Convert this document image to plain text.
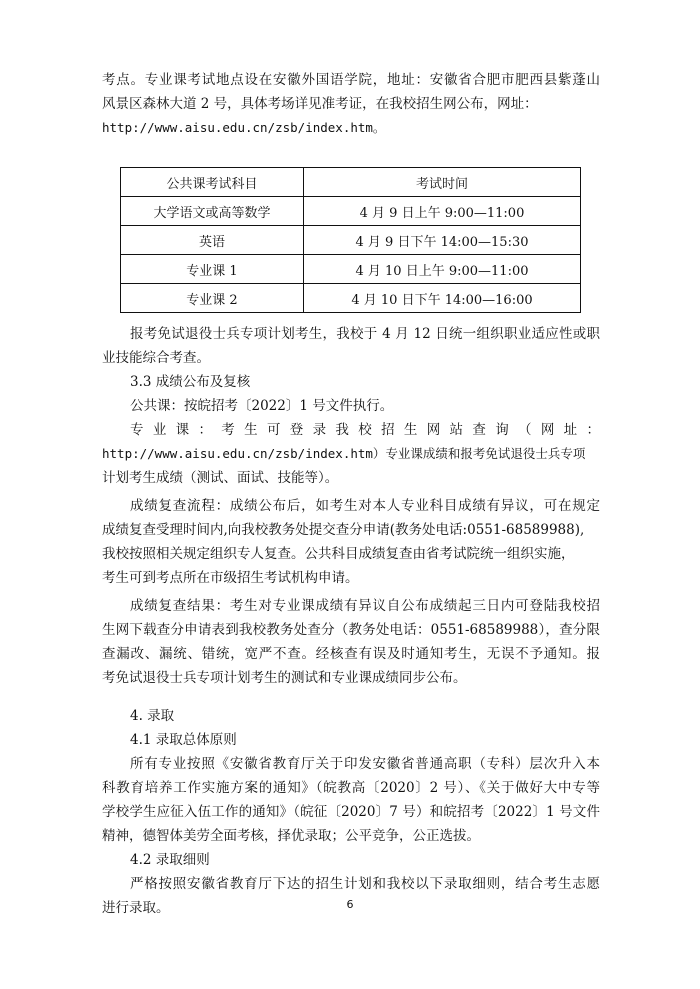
考点。专业课考试地点设在安徽外国语学院，地址：安徽省合肥市肥西县紫蓬山
风景区森林大道 2 号，具体考场详见准考证，在我校招生网公布，网址：
http://www.aisu.edu.cn/zsb/index.htm。
公共课考试科目	考试时间
大学语文或高等数学	4 月 9 日上午 9:00—11:00
英语	4 月 9 日下午 14:00—15:30
专业课 1	4 月 10 日上午 9:00—11:00
专业课 2	4 月 10 日下午 14:00—16:00
报考免试退役士兵专项计划考生，我校于 4 月 12 日统一组织职业适应性或职
业技能综合考查。
3.3 成绩公布及复核
公共课：按皖招考〔2022〕1 号文件执行。
专 业 课 ： 考 生 可 登 录 我 校 招 生 网 站 查 询 （ 网 址 ：
http://www.aisu.edu.cn/zsb/index.htm）专业课成绩和报考免试退役士兵专项
计划考生成绩（测试、面试、技能等）。
成绩复查流程：成绩公布后，如考生对本人专业科目成绩有异议，可在规定
成绩复查受理时间内,向我校教务处提交查分申请(教务处电话:0551-68589988),
我校按照相关规定组织专人复查。公共科目成绩复查由省考试院统一组织实施，
考生可到考点所在市级招生考试机构申请。
成绩复查结果：考生对专业课成绩有异议自公布成绩起三日内可登陆我校招
生网下载查分申请表到我校教务处查分（教务处电话：0551-68589988），查分限
查漏改、漏统、错统，宽严不查。经核查有误及时通知考生，无误不予通知。报
考免试退役士兵专项计划考生的测试和专业课成绩同步公布。
4. 录取
4.1 录取总体原则
所有专业按照《安徽省教育厅关于印发安徽省普通高职（专科）层次升入本
科教育培养工作实施方案的通知》（皖教高〔2020〕2 号）、《关于做好大中专等
学校学生应征入伍工作的通知》（皖征〔2020〕7 号）和皖招考〔2022〕1 号文件
精神，德智体美劳全面考核，择优录取；公平竞争，公正选拔。
4.2 录取细则
严格按照安徽省教育厅下达的招生计划和我校以下录取细则，结合考生志愿
进行录取。	6
